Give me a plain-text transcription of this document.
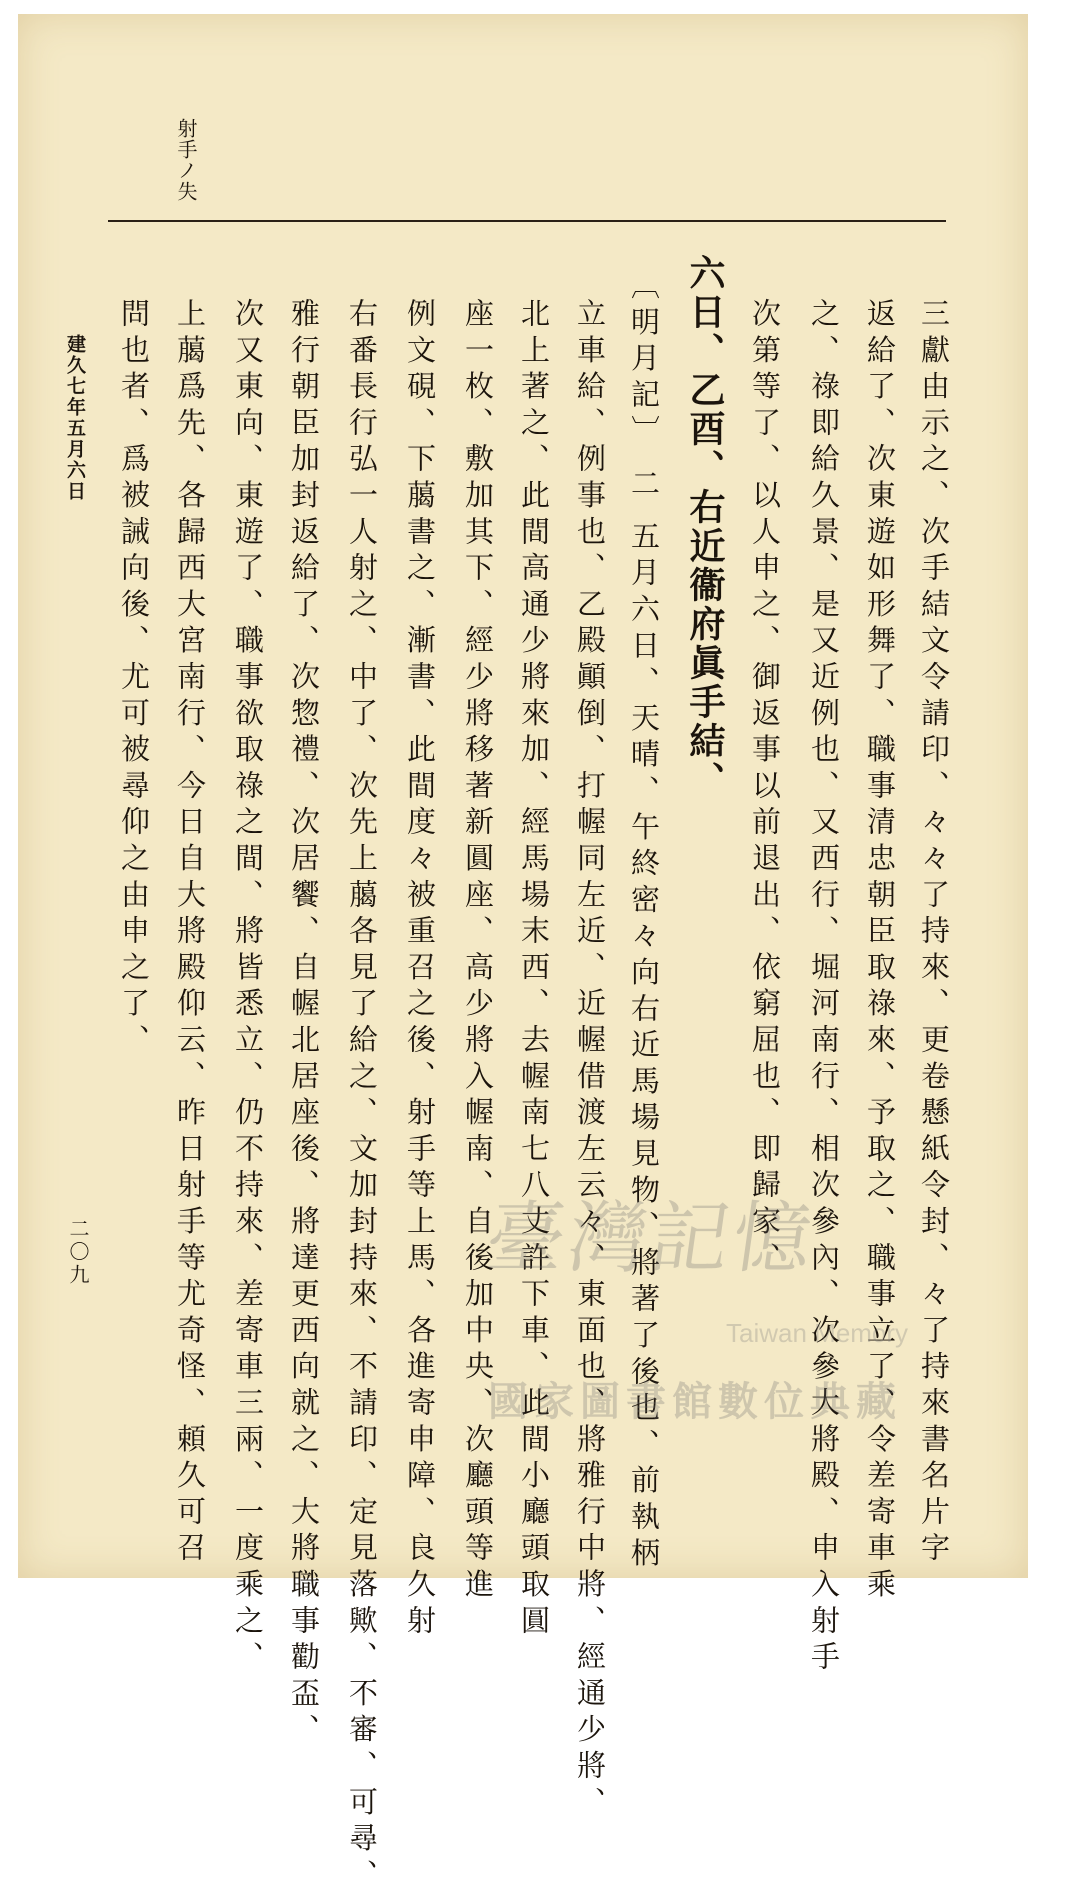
射手ノ失
三獻由示之、次手結文令請印、々々了持來、更卷懸紙令封、々了持來書名片字
返給了、次東遊如形舞了、職事清忠朝臣取祿來、予取之、職事立了、令差寄車乘
之、祿即給久景、是又近例也、又西行、堀河南行、相次參內、次參大將殿、申入射手
次第等了、以人申之、御返事以前退出、依窮屈也、即歸家、
六日、乙酉、右近衞府眞手結、
〔明月記〕 二 五月六日、天晴、午終密々向右近馬場見物、將著了後也、前執柄
立車給、例事也、乙殿顚倒、打幄同左近、近幄借渡左云々、東面也、將雅行中將、經通少將、
北上著之、此間高通少將來加、經馬場末西、去幄南七八丈許下車、此間小廳頭取圓
座一枚、敷加其下、經少將移著新圓座、高少將入幄南、自後加中央、次廳頭等進
例文硯、下﨟書之、漸書、此間度々被重召之後、射手等上馬、各進寄申障、良久射
右番長行弘一人射之、中了、次先上﨟各見了給之、文加封持來、不請印、定見落歟、不審、可尋、
雅行朝臣加封返給了、次惣禮、次居饗、自幄北居座後、將達更西向就之、大將職事勸盃、
次又東向、東遊了、職事欲取祿之間、將皆悉立、仍不持來、差寄車三兩、一度乘之、
上﨟爲先、各歸西大宮南行、今日自大將殿仰云、昨日射手等尤奇怪、頼久可召
問也者、爲被誡向後、尤可被尋仰之由申之了、
建久七年五月六日
二〇九	臺灣記憶
Taiwan Memory
國家圖書館數位典藏
